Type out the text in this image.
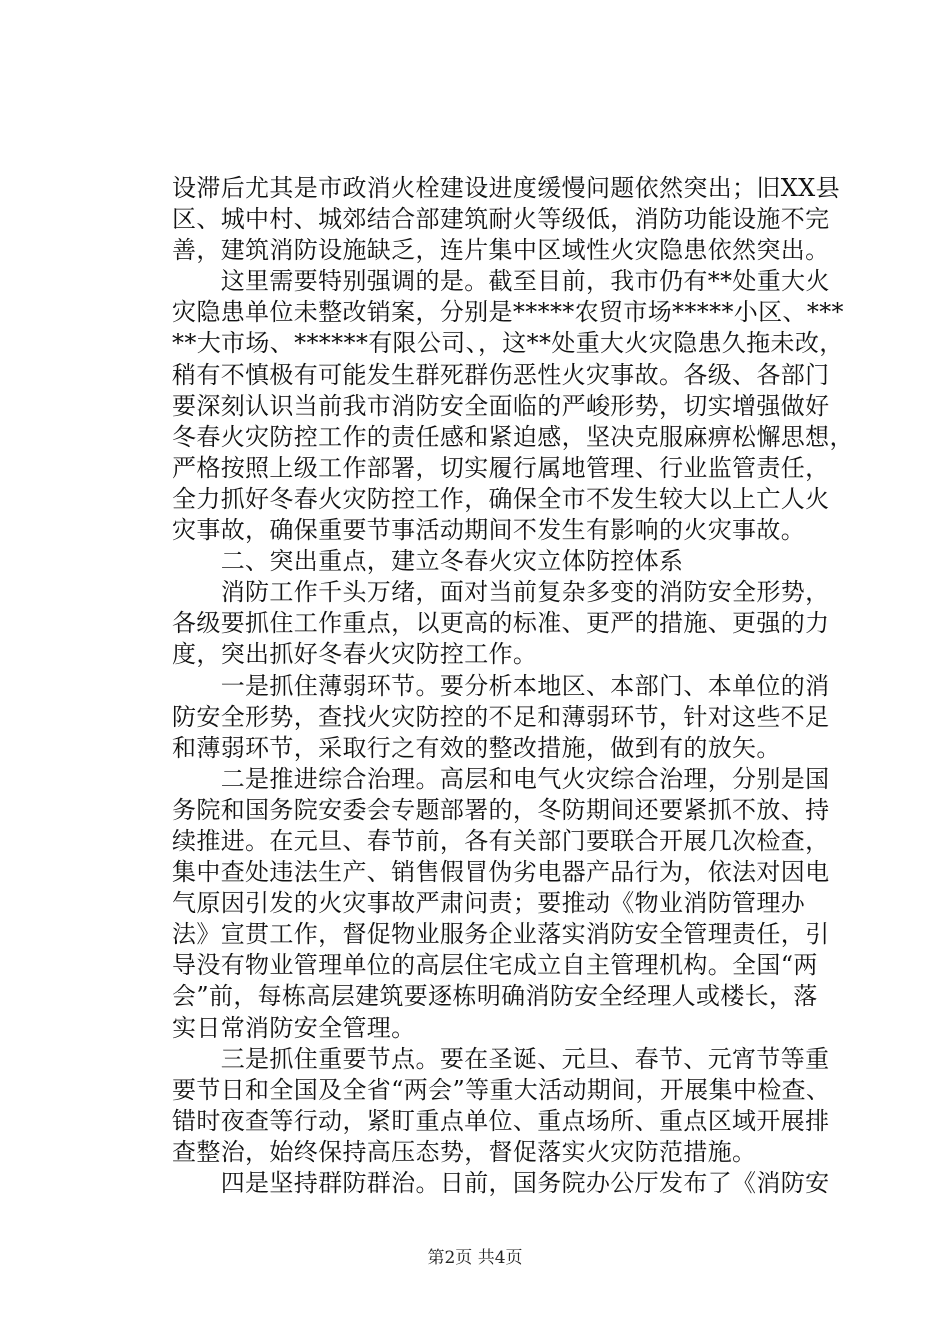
设滞后尤其是市政消火栓建设进度缓慢问题依然突出；旧XX县
区、城中村、城郊结合部建筑耐火等级低，消防功能设施不完
善，建筑消防设施缺乏，连片集中区域性火灾隐患依然突出。
　　这里需要特别强调的是。截至目前，我市仍有**处重大火
灾隐患单位未整改销案，分别是*****农贸市场*****小区、***
**大市场、******有限公司、，这**处重大火灾隐患久拖未改，
稍有不慎极有可能发生群死群伤恶性火灾事故。各级、各部门
要深刻认识当前我市消防安全面临的严峻形势，切实增强做好
冬春火灾防控工作的责任感和紧迫感，坚决克服麻痹松懈思想，
严格按照上级工作部署，切实履行属地管理、行业监管责任，
全力抓好冬春火灾防控工作，确保全市不发生较大以上亡人火
灾事故，确保重要节事活动期间不发生有影响的火灾事故。
　　二、突出重点，建立冬春火灾立体防控体系
　　消防工作千头万绪，面对当前复杂多变的消防安全形势，
各级要抓住工作重点，以更高的标准、更严的措施、更强的力
度，突出抓好冬春火灾防控工作。
　　一是抓住薄弱环节。要分析本地区、本部门、本单位的消
防安全形势，查找火灾防控的不足和薄弱环节，针对这些不足
和薄弱环节，采取行之有效的整改措施，做到有的放矢。
　　二是推进综合治理。高层和电气火灾综合治理，分别是国
务院和国务院安委会专题部署的，冬防期间还要紧抓不放、持
续推进。在元旦、春节前，各有关部门要联合开展几次检查，
集中查处违法生产、销售假冒伪劣电器产品行为，依法对因电
气原因引发的火灾事故严肃问责；要推动《物业消防管理办
法》宣贯工作，督促物业服务企业落实消防安全管理责任，引
导没有物业管理单位的高层住宅成立自主管理机构。全国“两
会”前，每栋高层建筑要逐栋明确消防安全经理人或楼长，落
实日常消防安全管理。
　　三是抓住重要节点。要在圣诞、元旦、春节、元宵节等重
要节日和全国及全省“两会”等重大活动期间，开展集中检查、
错时夜查等行动，紧盯重点单位、重点场所、重点区域开展排
查整治，始终保持高压态势，督促落实火灾防范措施。
　　四是坚持群防群治。日前，国务院办公厅发布了《消防安
第2页 共4页
